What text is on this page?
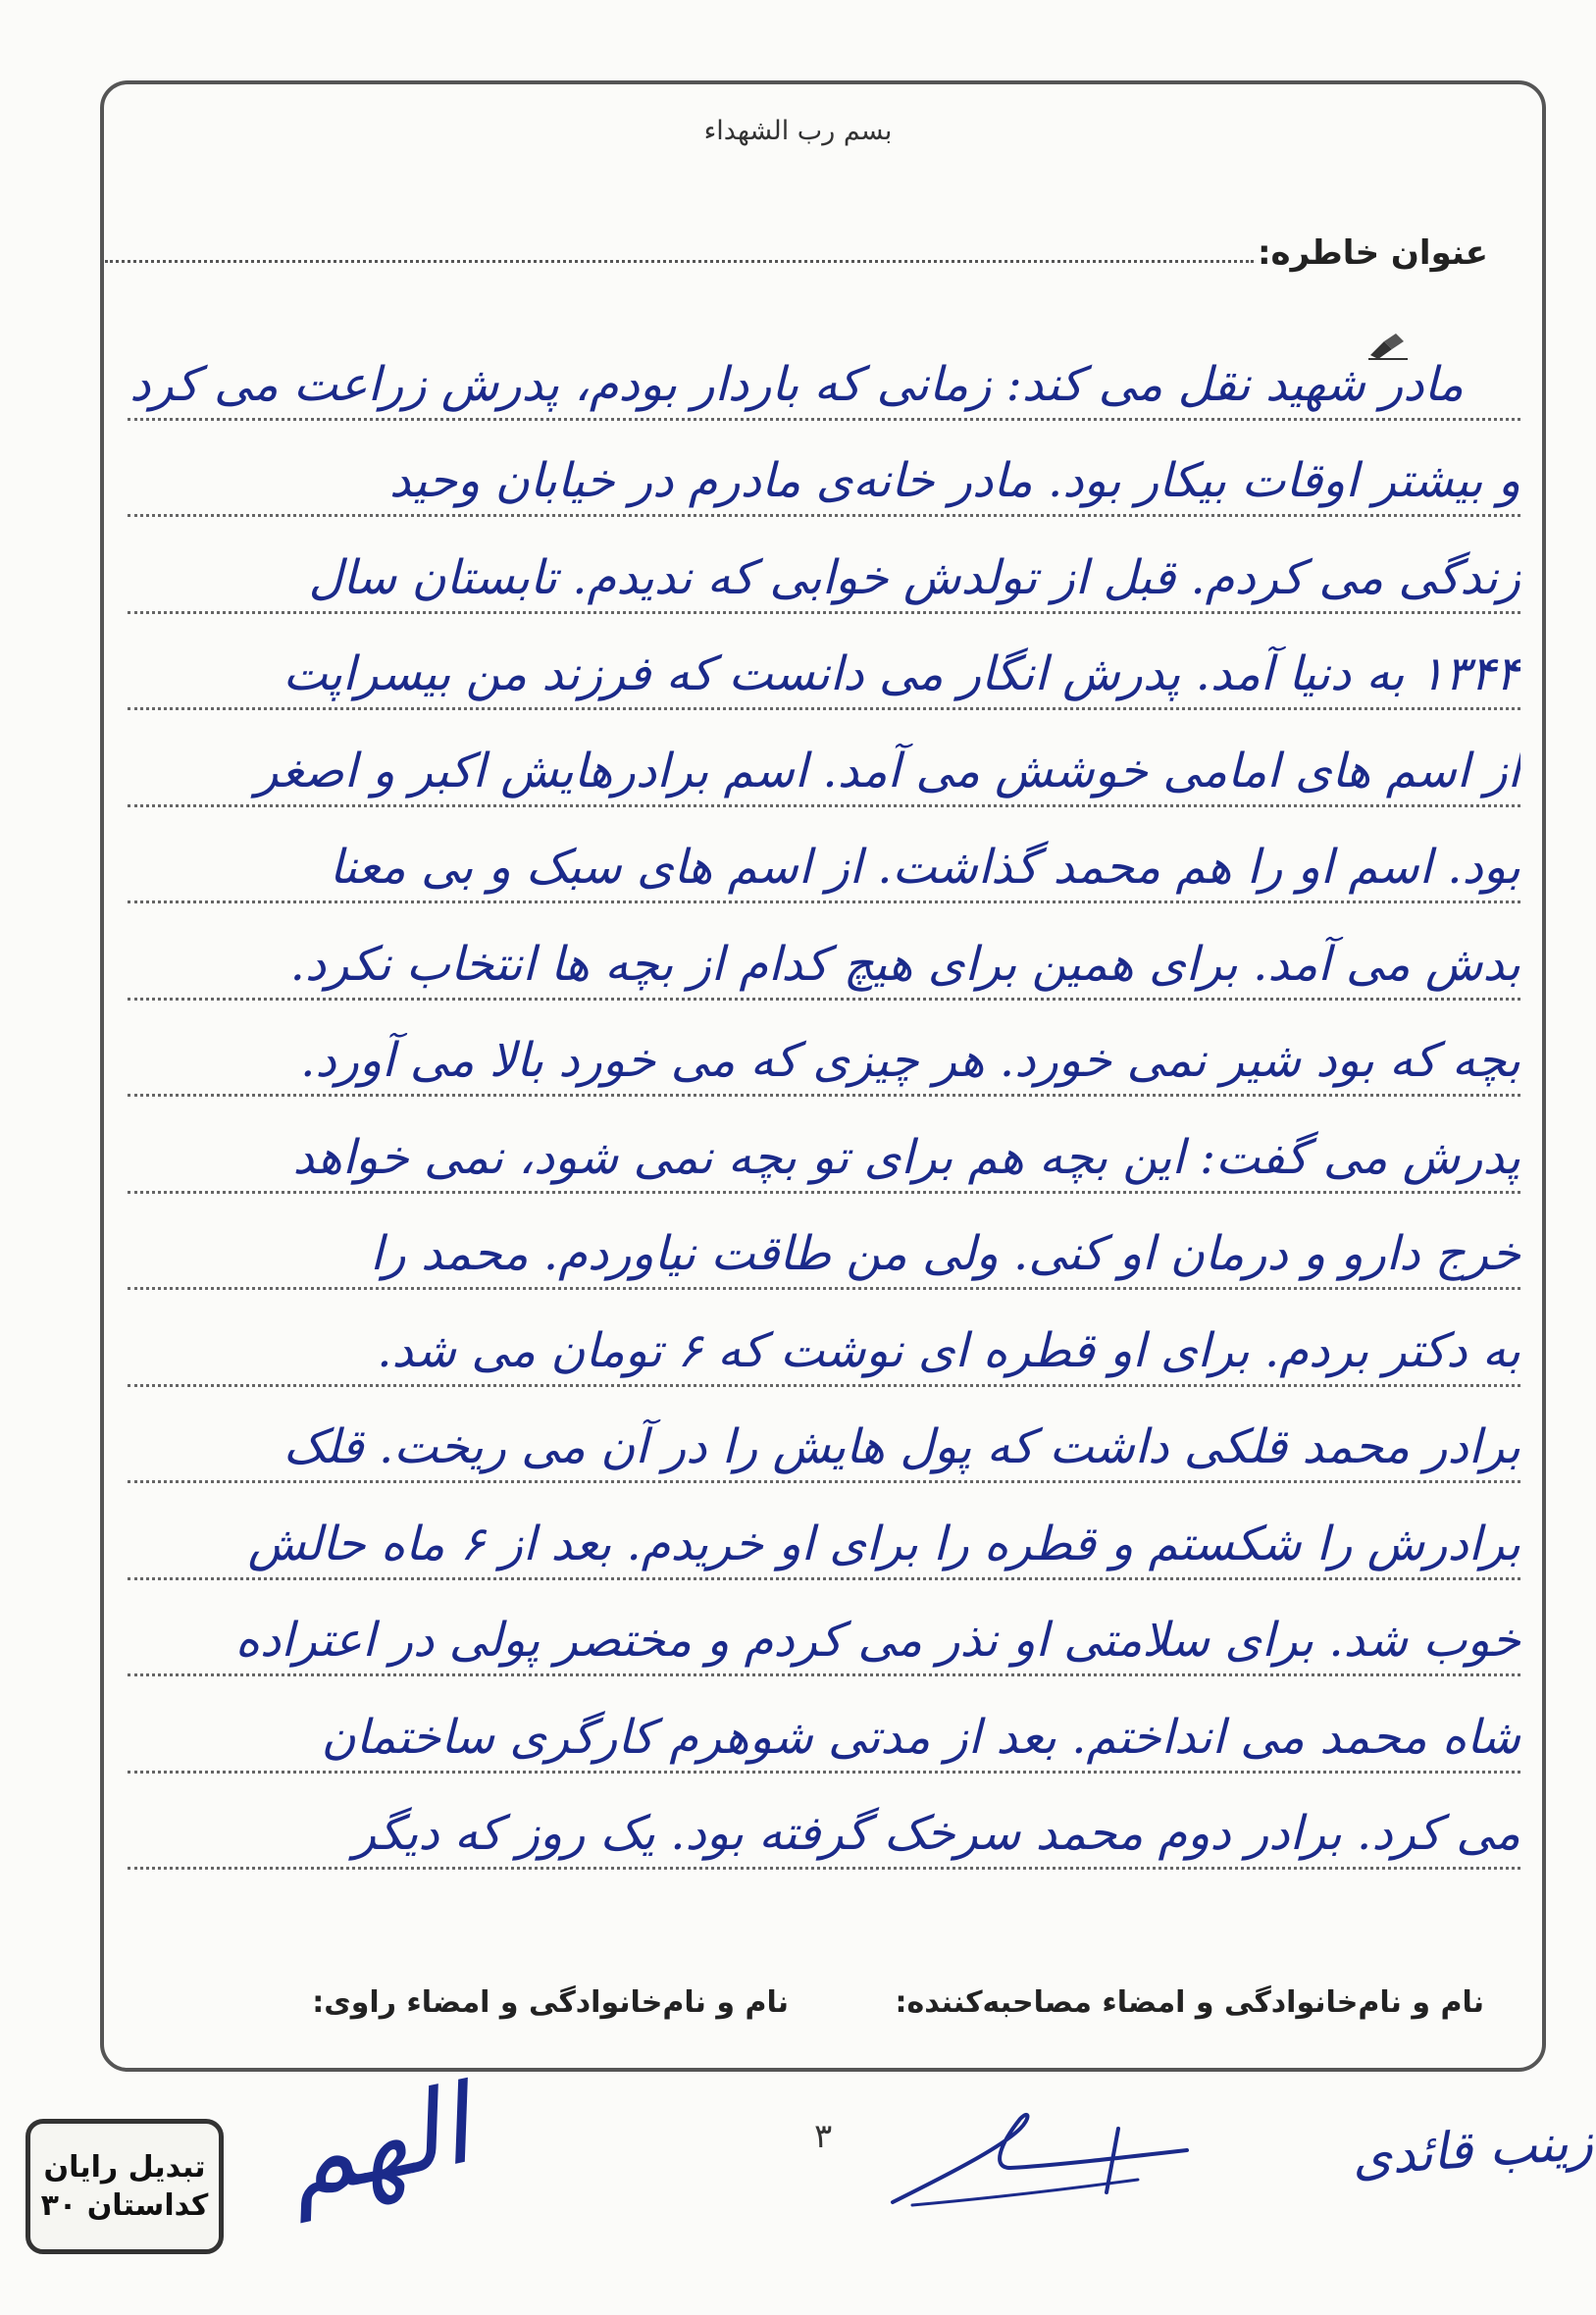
بسم رب الشهداء
عنوان خاطره:
مادر شهید نقل می کند: زمانی که باردار بودم، پدرش زراعت می کرد
و بیشتر اوقات بیکار بود. مادر خانه‌ی مادرم در خیابان وحید
زندگی می کردم. قبل از تولدش خوابی که ندیدم. تابستان سال
۱۳۴۴ به دنیا آمد. پدرش انگار می دانست که فرزند من بیسراپت
از اسم های امامی خوشش می آمد. اسم برادرهایش اکبر و اصغر
بود. اسم او را هم محمد گذاشت. از اسم های سبک و بی معنا
بدش می آمد. برای همین برای هیچ کدام از بچه ها انتخاب نکرد.
بچه که بود شیر نمی خورد. هر چیزی که می خورد بالا می آورد.
پدرش می گفت: این بچه هم برای تو بچه نمی شود، نمی خواهد
خرج دارو و درمان او کنی. ولی من طاقت نیاوردم. محمد را
به دکتر بردم. برای او قطره ای نوشت که ۶ تومان می شد.
برادر محمد قلکی داشت که پول هایش را در آن می ریخت. قلک
برادرش را شکستم و قطره را برای او خریدم. بعد از ۶ ماه حالش
خوب شد. برای سلامتی او نذر می کردم و مختصر پولی در اعتراده
شاه محمد می انداختم. بعد از مدتی شوهرم کارگری ساختمان
می کرد. برادر دوم محمد سرخک گرفته بود. یک روز که دیگر
نام و نام‌خانوادگی و امضاء مصاحبه‌کننده:
نام و نام‌خانوادگی و امضاء راوی:
۳
تبدیل رایان
کداستان ۳۰ الهم	زینب قائدی
